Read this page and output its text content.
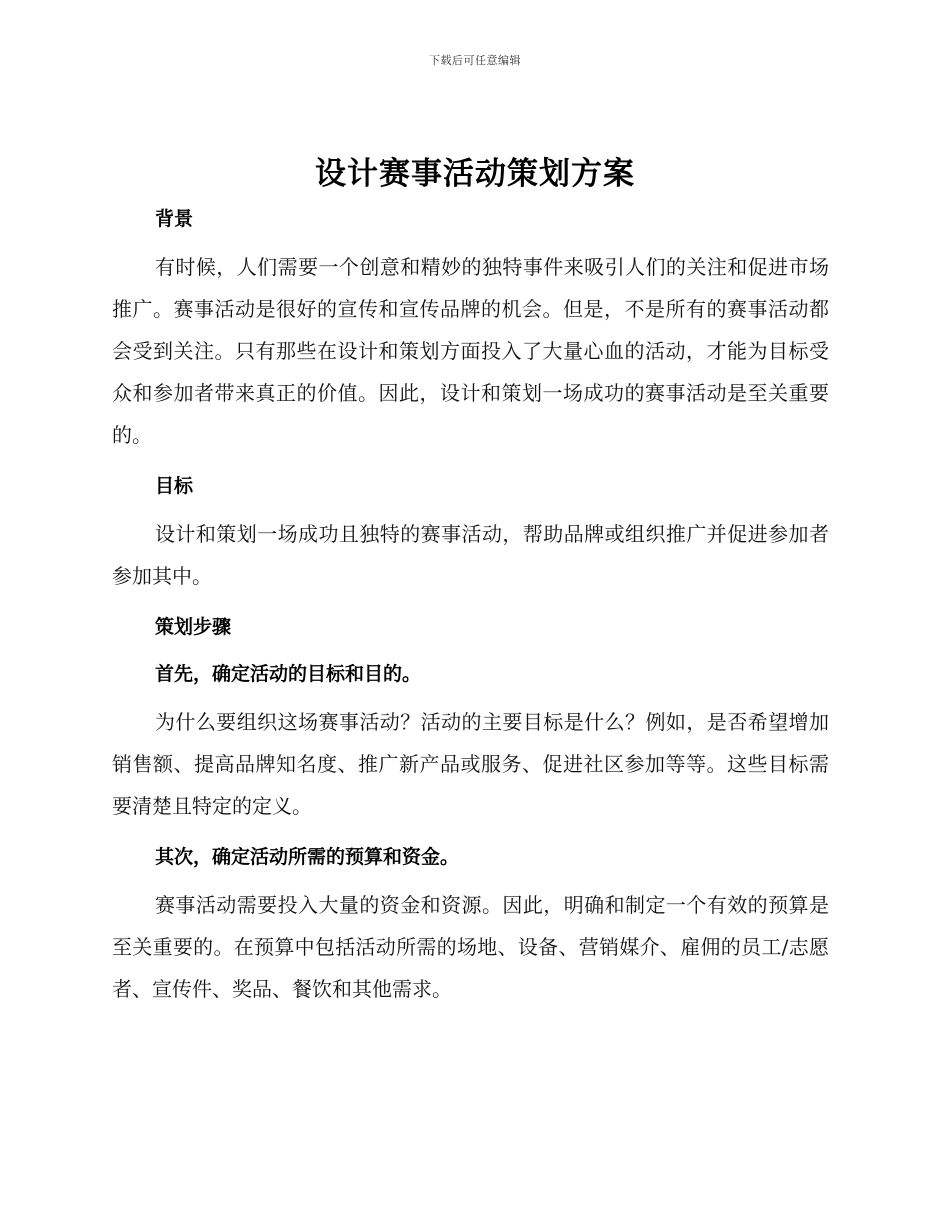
下载后可任意编辑
设计赛事活动策划方案
背景

有时候，人们需要一个创意和精妙的独特事件来吸引人们的关注和促进市场推广。赛事活动是很好的宣传和宣传品牌的机会。但是，不是所有的赛事活动都会受到关注。只有那些在设计和策划方面投入了大量心血的活动，才能为目标受众和参加者带来真正的价值。因此，设计和策划一场成功的赛事活动是至关重要的。

目标

设计和策划一场成功且独特的赛事活动，帮助品牌或组织推广并促进参加者参加其中。

策划步骤
首先，确定活动的目标和目的。

为什么要组织这场赛事活动？活动的主要目标是什么？例如，是否希望增加销售额、提高品牌知名度、推广新产品或服务、促进社区参加等等。这些目标需要清楚且特定的定义。

其次，确定活动所需的预算和资金。

赛事活动需要投入大量的资金和资源。因此，明确和制定一个有效的预算是至关重要的。在预算中包括活动所需的场地、设备、营销媒介、雇佣的员工/志愿者、宣传件、奖品、餐饮和其他需求。
